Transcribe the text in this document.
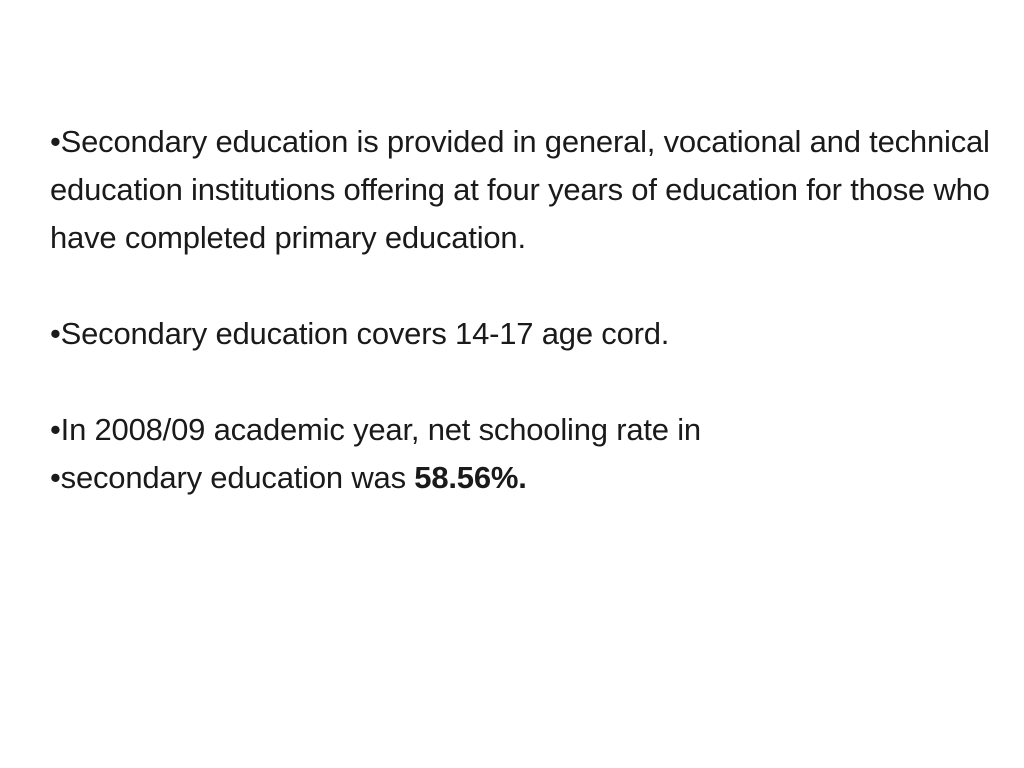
•Secondary education is provided in general, vocational and technical education institutions offering at four years of education for those who have completed primary education.

•Secondary education covers 14-17 age cord.

•In 2008/09 academic year, net schooling rate in

•secondary education was 58.56%.
